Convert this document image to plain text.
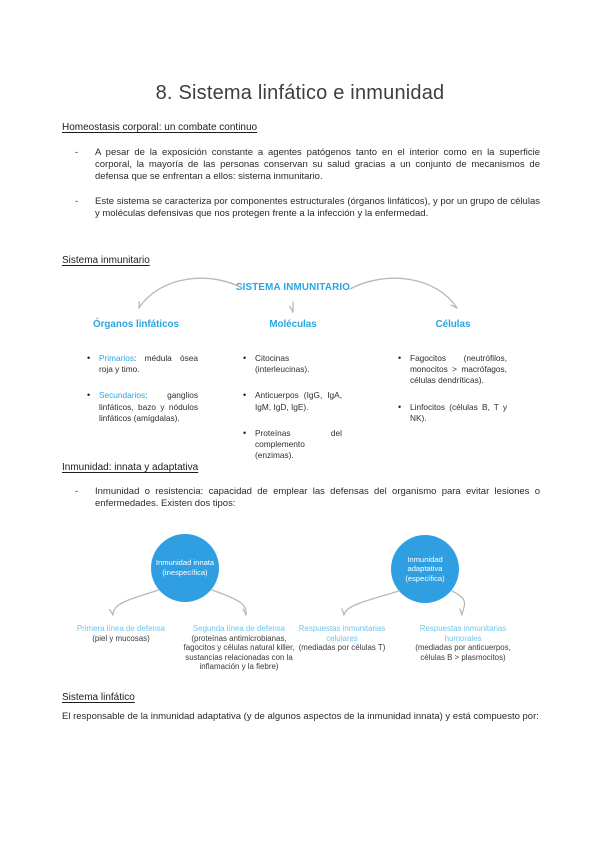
8. Sistema linfático e inmunidad
Homeostasis corporal: un combate continuo
-
A pesar de la exposición constante a agentes patógenos tanto en el interior como en la superficie corporal, la mayoría de las personas conservan su salud gracias a un conjunto de mecanismos de defensa que se enfrentan a ellos: sistema inmunitario.
-
Este sistema se caracteriza por componentes estructurales (órganos linfáticos), y por un grupo de células y moléculas defensivas que nos protegen frente a la infección y la enfermedad.
Sistema inmunitario
SISTEMA INMUNITARIO
Órganos linfáticos	Moléculas	Células
• Primarios: médula ósea roja y timo.
• Secundarios: ganglios linfáticos, bazo y nódulos linfáticos (amígdalas).
• Citocinas (interleucinas).
• Anticuerpos (IgG, IgA, IgM, IgD, IgE).
• Proteínas del complemento (enzimas).
• Fagocitos (neutrófilos, monocitos > macrófagos, células dendríticas).
• Linfocitos (células B, T y NK).
Inmunidad: innata y adaptativa
-
Inmunidad o resistencia: capacidad de emplear las defensas del organismo para evitar lesiones o enfermedades. Existen dos tipos:
Inmunidad innata (inespecífica)
Inmunidad adaptativa (específica)
Primera línea de defensa
(piel y mucosas)
Segunda línea de defensa
(proteínas antimicrobianas, fagocitos y células natural killer, sustancias relacionadas con la inflamación y la fiebre)
Respuestas inmunitarias celulares
(mediadas por células T)
Respuestas inmunitarias humorales
(mediadas por anticuerpos, células B > plasmocitos)
Sistema linfático
El responsable de la inmunidad adaptativa (y de algunos aspectos de la inmunidad innata) y está compuesto por:
